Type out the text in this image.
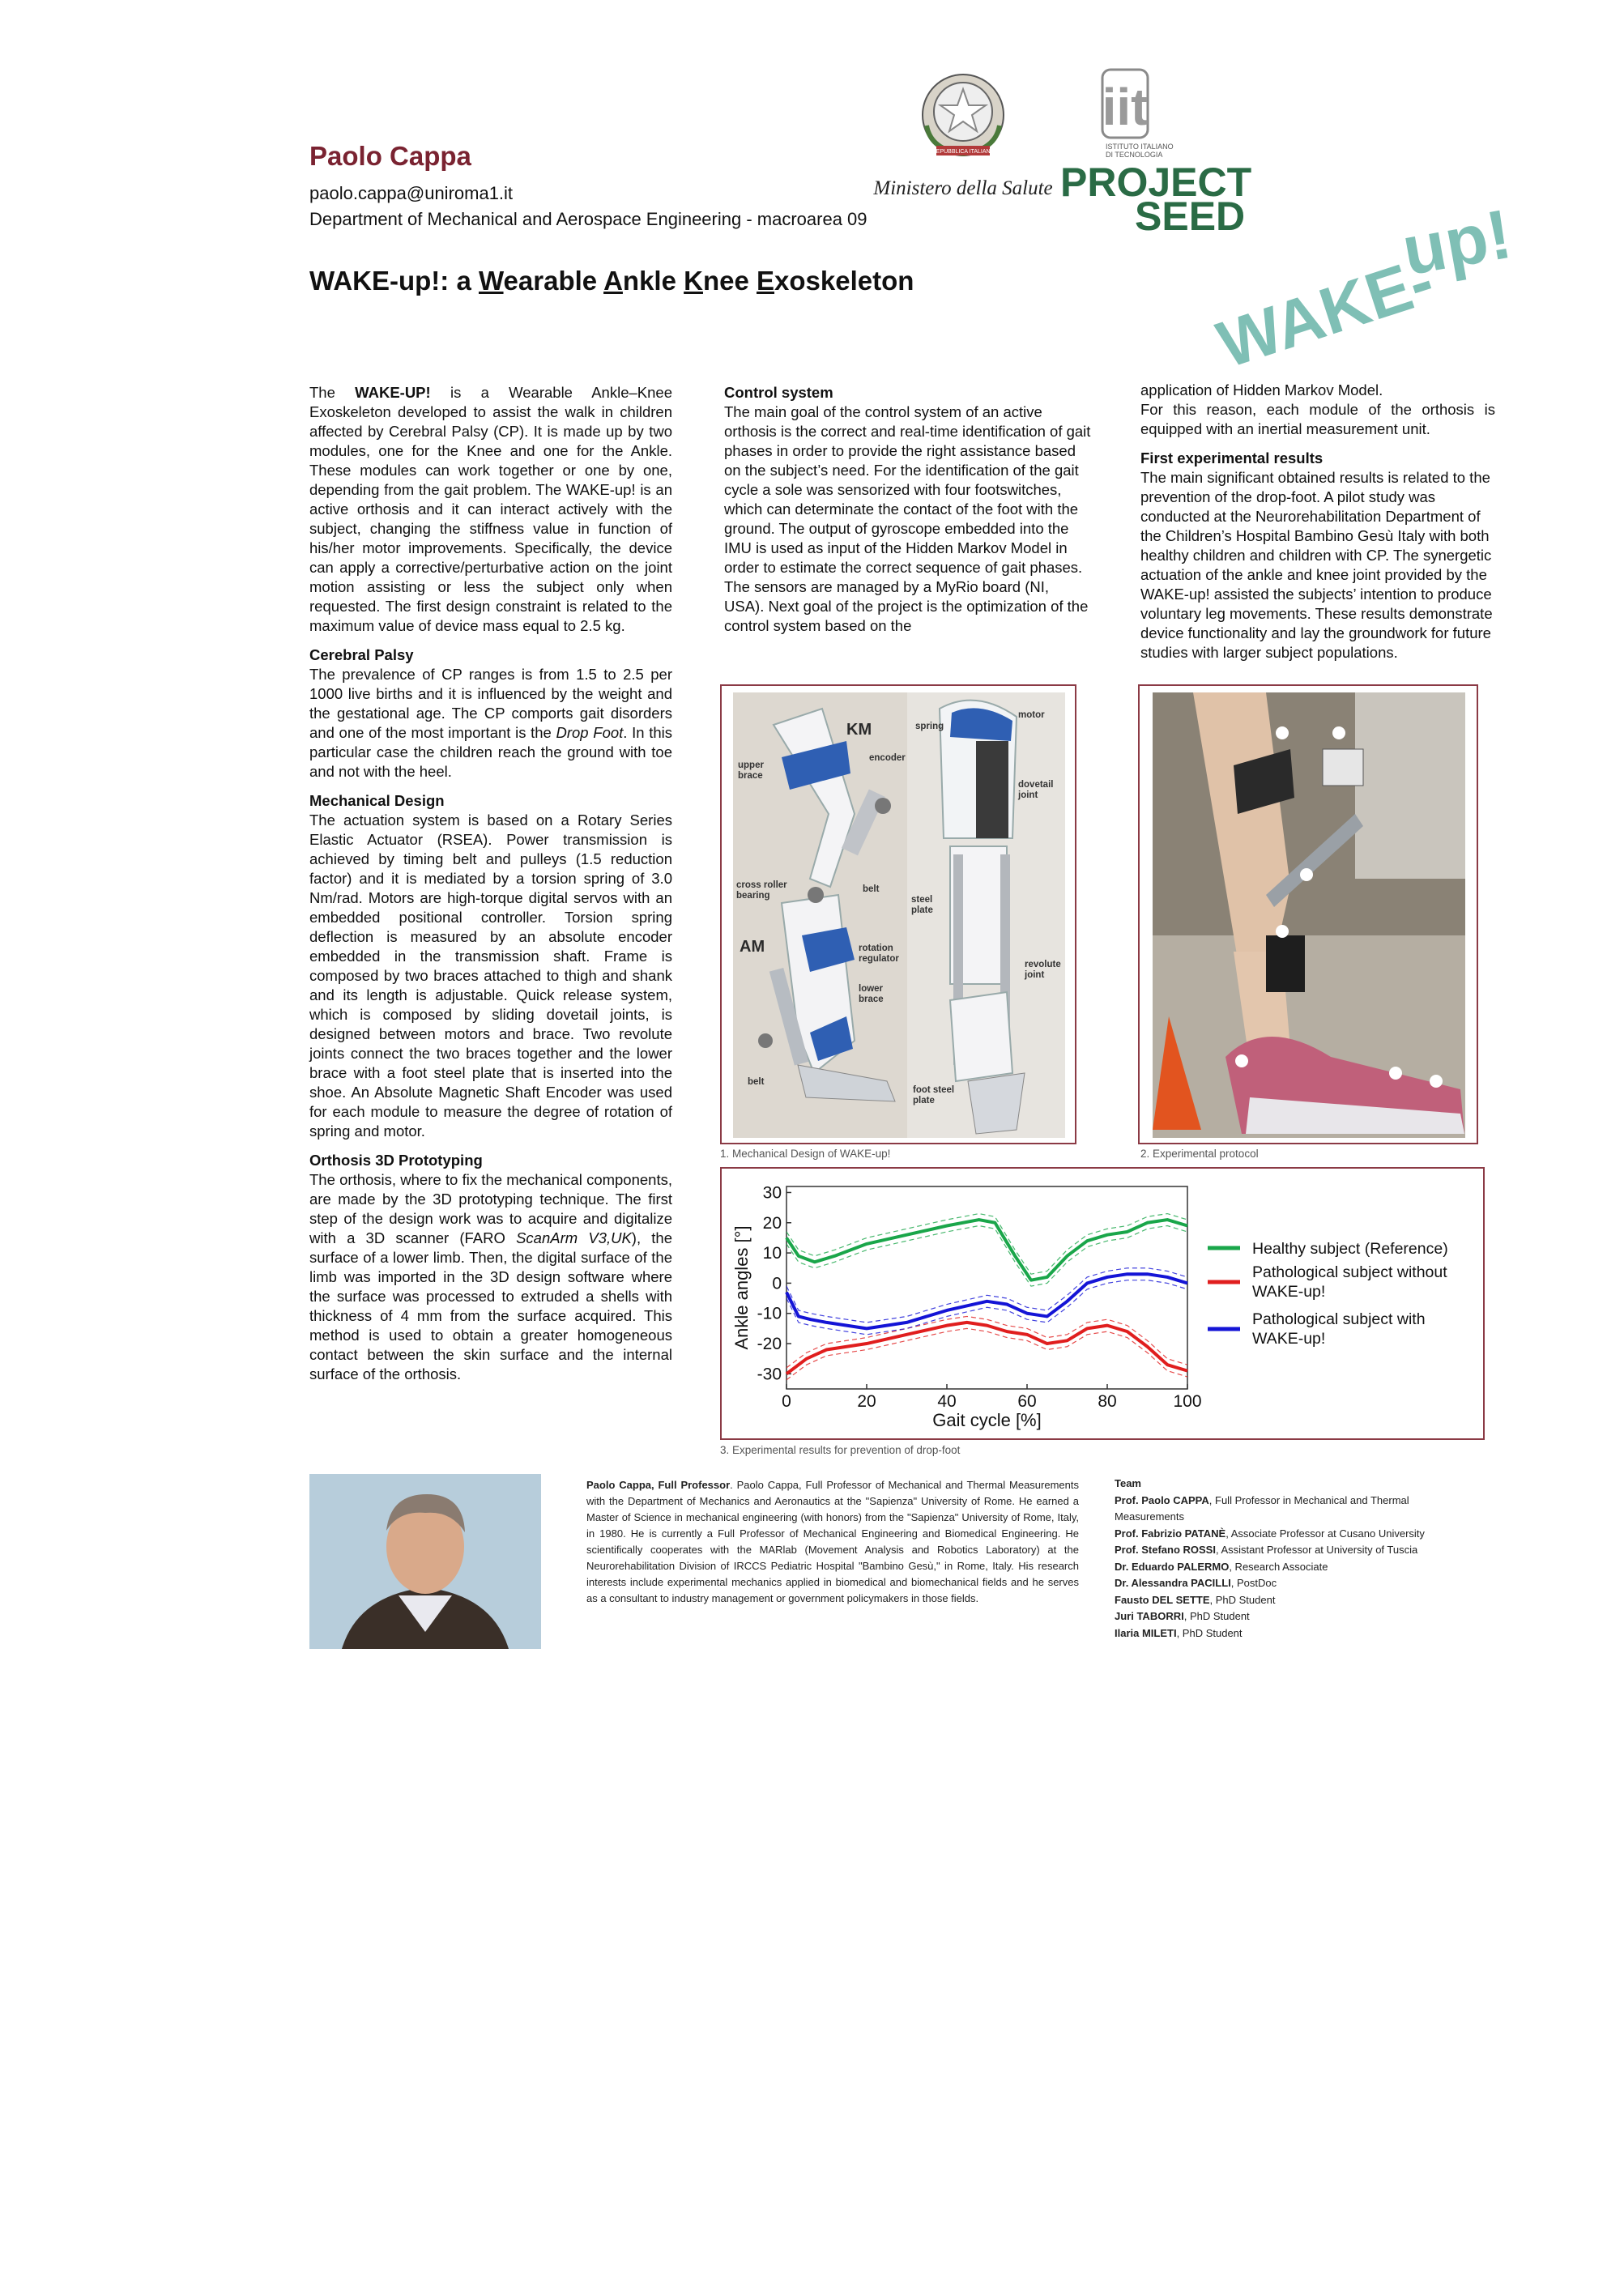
Paolo Cappa
paolo.cappa@uniroma1.it
Department of Mechanical and Aerospace Engineering - macroarea 09
WAKE-up!: a Wearable Ankle Knee Exoskeleton
REPUBBLICA ITALIANA
Ministero della Salute
iit
ISTITUTO ITALIANO
DI TECNOLOGIA
PROJECT
SEED
WAKE-
up!

The WAKE-UP! is a Wearable Ankle–Knee Exoskeleton developed to assist the walk in children affected by Cerebral Palsy (CP). It is made up by two modules, one for the Knee and one for the Ankle. These modules can work together or one by one, depending from the gait problem. The WAKE-up! is an active orthosis and it can interact actively with the subject, changing the stiffness value in function of his/her motor improvements. Specifically, the device can apply a corrective/perturbative action on the joint motion assisting or less the subject only when requested. The first design constraint is related to the maximum value of device mass equal to 2.5 kg.

Cerebral Palsy

The prevalence of CP ranges is from 1.5 to 2.5 per 1000 live births and it is influenced by the weight and the gestational age. The CP comports gait disorders and one of the most important is the Drop Foot. In this particular case the children reach the ground with toe and not with the heel.

Mechanical Design

The actuation system is based on a Rotary Series Elastic Actuator (RSEA). Power transmission is achieved by timing belt and pulleys (1.5 reduction factor) and it is mediated by a torsion spring of 3.0 Nm/rad. Motors are high-torque digital servos with an embedded positional controller. Torsion spring deflection is measured by an absolute encoder embedded in the transmission shaft. Frame is composed by two braces attached to thigh and shank and its length is adjustable. Quick release system, which is composed by sliding dovetail joints, is designed between motors and brace. Two revolute joints connect the two braces together and the lower brace with a foot steel plate that is inserted into the shoe. An Absolute Magnetic Shaft Encoder was used for each module to measure the degree of rotation of spring and motor.

Orthosis 3D Prototyping

The orthosis, where to fix the mechanical components, are made by the 3D prototyping technique. The first step of the design work was to acquire and digitalize with a 3D scanner (FARO ScanArm V3,UK), the surface of a lower limb. Then, the digital surface of the limb was imported in the 3D design software where the surface was processed to extruded a shells with thickness of 4 mm from the surface acquired. This method is used to obtain a greater homogeneous contact between the skin surface and the internal surface of the orthosis.

Control system

The main goal of the control system of an active orthosis is the correct and real-time identification of gait phases in order to provide the right assistance based on the subject’s need. For the identification of the gait cycle a sole was sensorized with four footswitches, which can determinate the contact of the foot with the ground. The output of gyroscope embedded into the IMU is used as input of the Hidden Markov Model in order to estimate the correct sequence of gait phases. The sensors are managed by a MyRio board (NI, USA). Next goal of the project is the optimization of the control system based on the

application of Hidden Markov Model.

For this reason, each module of the orthosis is equipped with an inertial measurement unit.

First experimental results

The main significant obtained results is related to the prevention of the drop-foot. A pilot study was conducted at the Neurorehabilitation Department of the Children’s Hospital Bambino Gesù Italy with both healthy children and children with CP. The synergetic actuation of the ankle and knee joint provided by the WAKE-up! assisted the subjects’ intention to produce voluntary leg movements. These results demonstrate device functionality and lay the groundwork for future studies with larger subject populations.

KM
AM
upper
brace
encoder
belt
cross roller
bearing
rotation
regulator
lower
brace
belt
spring
motor
dovetail
joint
steel
plate
revolute
joint
foot steel
plate
1. Mechanical Design of WAKE-up!	2. Experimental protocol
0	20	40	60	80	100
30
20
10
0
-10
-20
-30
Gait cycle [%]
Ankle angles [°]	Healthy subject (Reference)
Pathological subject without WAKE-up!
Pathological subject with WAKE-up!
3. Experimental results for prevention of drop-foot
Paolo Cappa, Full Professor. Paolo Cappa, Full Professor of Mechanical and Thermal Measurements with the Department of Mechanics and Aeronautics at the "Sapienza" University of Rome. He earned a Master of Science in mechanical engineering (with honors) from the "Sapienza" University of Rome, Italy, in 1980. He is currently a Full Professor of Mechanical Engineering and Biomedical Engineering. He scientifically cooperates with the MARlab (Movement Analysis and Robotics Laboratory) at the Neurorehabilitation Division of IRCCS Pediatric Hospital "Bambino Gesù," in Rome, Italy. His research interests include experimental mechanics applied in biomedical and biomechanical fields and he serves as a consultant to industry management or government policymakers in those fields.
Team
Prof. Paolo CAPPA, Full Professor in Mechanical and Thermal Measurements
Prof. Fabrizio PATANÈ, Associate Professor at Cusano University
Prof. Stefano ROSSI, Assistant Professor at University of Tuscia
Dr. Eduardo PALERMO, Research Associate
Dr. Alessandra PACILLI, PostDoc
Fausto DEL SETTE, PhD Student
Juri TABORRI, PhD Student
Ilaria MILETI, PhD Student
